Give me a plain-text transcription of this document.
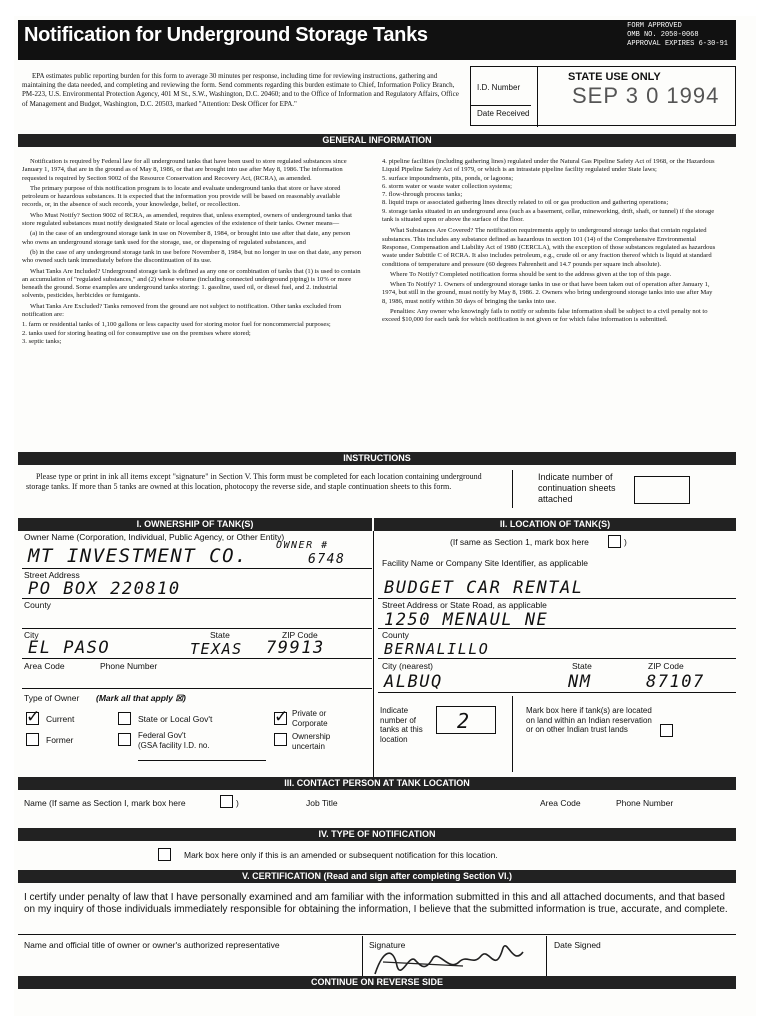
Notification for Underground Storage Tanks	FORM APPROVED
OMB NO. 2050-0068
APPROVAL EXPIRES 6-30-91

EPA estimates public reporting burden for this form to average 30 minutes per response, including time for reviewing instructions, gathering and maintaining the data needed, and completing and reviewing the form. Send comments regarding this burden estimate to Chief, Information Policy Branch, PM-223, U.S. Environmental Protection Agency, 401 M St., S.W., Washington, D.C. 20460; and to the Office of Information and Regulatory Affairs, Office of Management and Budget, Washington, D.C. 20503, marked "Attention: Desk Officer for EPA."

I.D. Number
Date Received
STATE USE ONLY
SEP 3 0 1994
GENERAL INFORMATION

Notification is required by Federal law for all underground tanks that have been used to store regulated substances since January 1, 1974, that are in the ground as of May 8, 1986, or that are brought into use after May 8, 1986. The information requested is required by Section 9002 of the Resource Conservation and Recovery Act, (RCRA), as amended.

The primary purpose of this notification program is to locate and evaluate underground tanks that store or have stored petroleum or hazardous substances. It is expected that the information you provide will be based on reasonably available records, or, in the absence of such records, your knowledge, belief, or recollection.

Who Must Notify? Section 9002 of RCRA, as amended, requires that, unless exempted, owners of underground tanks that store regulated substances must notify designated State or local agencies of the existence of their tanks. Owner means—

(a) in the case of an underground storage tank in use on November 8, 1984, or brought into use after that date, any person who owns an underground storage tank used for the storage, use, or dispensing of regulated substances, and

(b) in the case of any underground storage tank in use before November 8, 1984, but no longer in use on that date, any person who owned such tank immediately before the discontinuation of its use.

What Tanks Are Included? Underground storage tank is defined as any one or combination of tanks that (1) is used to contain an accumulation of "regulated substances," and (2) whose volume (including connected underground piping) is 10% or more beneath the ground. Some examples are underground tanks storing: 1. gasoline, used oil, or diesel fuel, and 2. industrial solvents, pesticides, herbicides or fumigants.

What Tanks Are Excluded? Tanks removed from the ground are not subject to notification. Other tanks excluded from notification are:

1. farm or residential tanks of 1,100 gallons or less capacity used for storing motor fuel for noncommercial purposes;

2. tanks used for storing heating oil for consumptive use on the premises where stored;

3. septic tanks;

4. pipeline facilities (including gathering lines) regulated under the Natural Gas Pipeline Safety Act of 1968, or the Hazardous Liquid Pipeline Safety Act of 1979, or which is an intrastate pipeline facility regulated under State laws;

5. surface impoundments, pits, ponds, or lagoons;

6. storm water or waste water collection systems;

7. flow-through process tanks;

8. liquid traps or associated gathering lines directly related to oil or gas production and gathering operations;

9. storage tanks situated in an underground area (such as a basement, cellar, mineworking, drift, shaft, or tunnel) if the storage tank is situated upon or above the surface of the floor.

What Substances Are Covered? The notification requirements apply to underground storage tanks that contain regulated substances. This includes any substance defined as hazardous in section 101 (14) of the Comprehensive Environmental Response, Compensation and Liability Act of 1980 (CERCLA), with the exception of those substances regulated as hazardous waste under Subtitle C of RCRA. It also includes petroleum, e.g., crude oil or any fraction thereof which is liquid at standard conditions of temperature and pressure (60 degrees Fahrenheit and 14.7 pounds per square inch absolute).

Where To Notify? Completed notification forms should be sent to the address given at the top of this page.

When To Notify? 1. Owners of underground storage tanks in use or that have been taken out of operation after January 1, 1974, but still in the ground, must notify by May 8, 1986. 2. Owners who bring underground storage tanks into use after May 8, 1986, must notify within 30 days of bringing the tanks into use.

Penalties: Any owner who knowingly fails to notify or submits false information shall be subject to a civil penalty not to exceed $10,000 for each tank for which notification is not given or for which false information is submitted.

INSTRUCTIONS
Please type or print in ink all items except "signature" in Section V. This form must be completed for each location containing underground storage tanks. If more than 5 tanks are owned at this location, photocopy the reverse side, and staple continuation sheets to this form.
Indicate number of continuation sheets attached
I. OWNERSHIP OF TANK(S)	II. LOCATION OF TANK(S)
Owner Name (Corporation, Individual, Public Agency, or Other Entity)
MT INVESTMENT CO.	OWNER #
6748
Street Address
PO BOX 220810
County
City	State	ZIP Code
EL PASO	TEXAS 79913
Area Code	Phone Number
Type of Owner (Mark all that apply ☒)
✓
Current
Former
State or Local Gov't
Federal Gov't
(GSA facility I.D. no.
✓
Private or Corporate
Ownership uncertain
(If same as Section 1, mark box here	)
Facility Name or Company Site Identifier, as applicable
BUDGET CAR RENTAL
Street Address or State Road, as applicable
1250 MENAUL NE
County
BERNALILLO
City (nearest)	State	ZIP Code
ALBUQ	NM	87107
Indicate number of tanks at this location
2	Mark box here if tank(s) are located on land within an Indian reservation or on other Indian trust lands
III. CONTACT PERSON AT TANK LOCATION
Name (If same as Section I, mark box here	)	Job Title	Area Code	Phone Number
IV. TYPE OF NOTIFICATION
Mark box here only if this is an amended or subsequent notification for this location.
V. CERTIFICATION (Read and sign after completing Section VI.)
I certify under penalty of law that I have personally examined and am familiar with the information submitted in this and all attached documents, and that based on my inquiry of those individuals immediately responsible for obtaining the information, I believe that the submitted information is true, accurate, and complete.
Name and official title of owner or owner's authorized representative	Signature	Date Signed
CONTINUE ON REVERSE SIDE
